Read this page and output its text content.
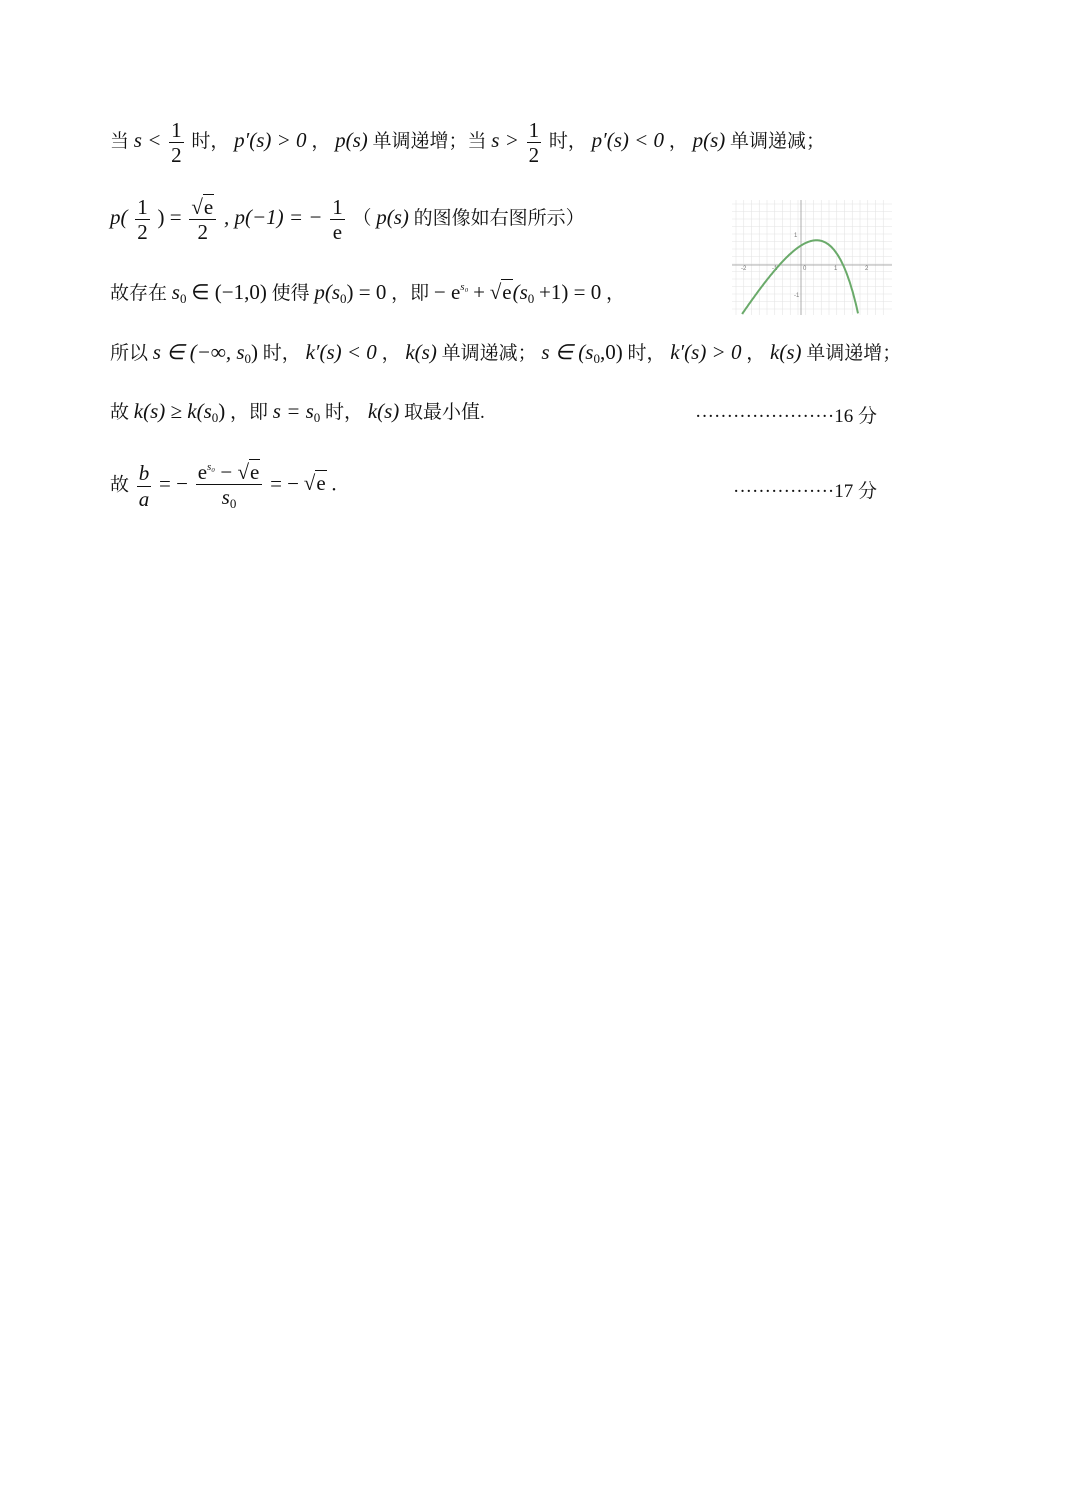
当 $s < \frac{1}{2}$ 时， p′(s) > 0 ， p(s) 单调递增；当 $s > \frac{1}{2}$ 时， p′(s) < 0 ， p(s) 单调递减；
$p( \frac{1}{2}$ ) = $\frac{√e}{2}$ , p(−1) = − $\frac{1}{e}$ （ p(s) 的图像如右图所示）
-2	-1	0	1	2
1
-1
故存在 $s_0$ ∈ (−1,0) 使得 $p(s_0) = 0$ ，即 − $e^{s_0} + √e(s_0 +1) = 0$ ，
所以 s ∈ (−∞, $s_0$) 时， k′(s) < 0 ， k(s) 单调递减； s ∈ $(s_0,0)$ 时， k′(s) > 0 ， k(s) 单调递增；
故 $k(s) \ge k(s_0)$ ，即 $s = s_0$ 时， k(s) 取最小值.	······················16 分
故 $\frac{b}{a}$ = − $\frac{e^{s_0} - √e}{s_0}$ = − √e .	················17 分
